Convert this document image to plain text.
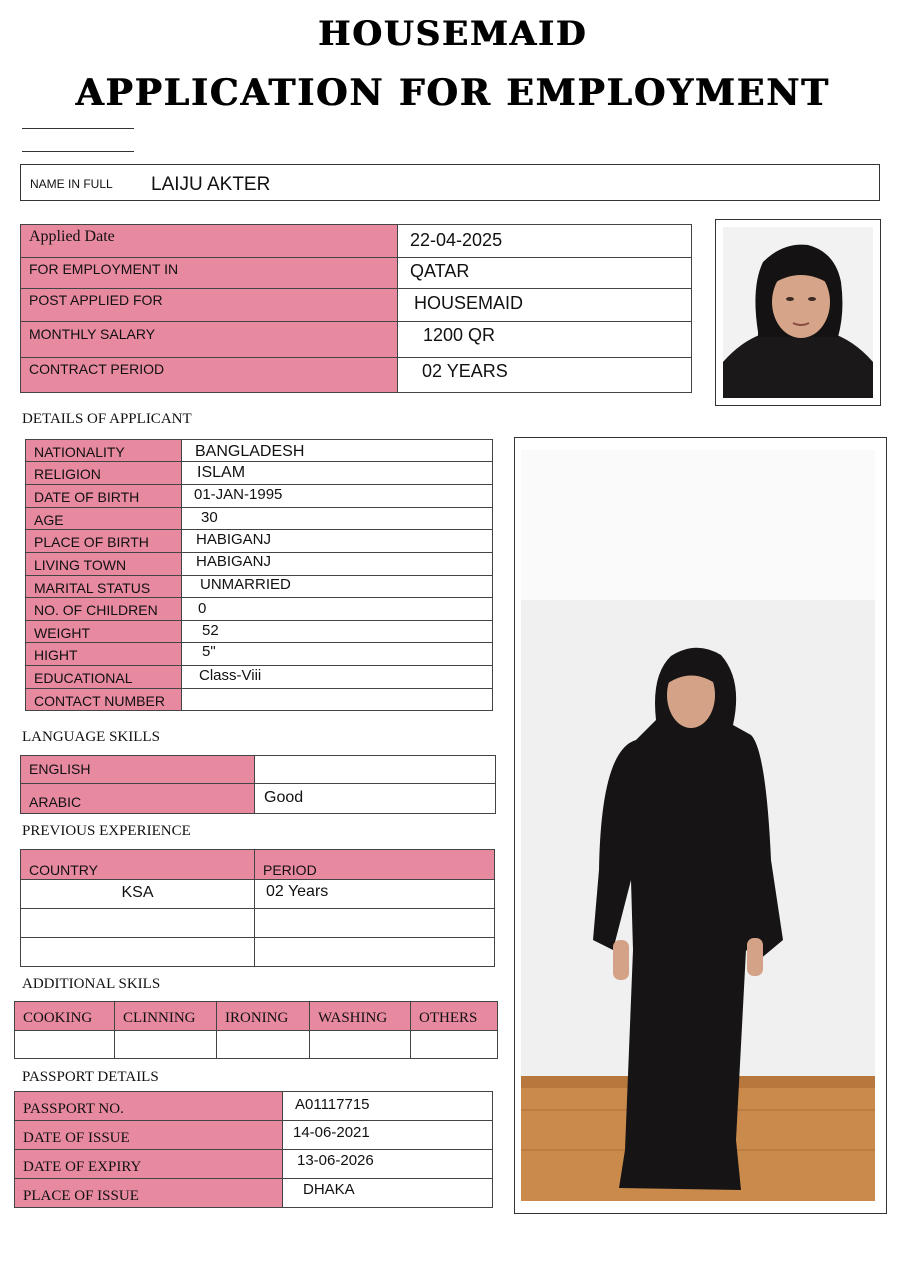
HOUSEMAID
APPLICATION FOR EMPLOYMENT
NAME IN FULL LAIJU AKTER
Applied Date	22-04-2025
FOR EMPLOYMENT IN	QATAR
POST APPLIED FOR	HOUSEMAID
MONTHLY SALARY	1200 QR
CONTRACT PERIOD	02 YEARS
DETAILS OF APPLICANT
NATIONALITY	BANGLADESH
RELIGION	ISLAM
DATE OF BIRTH	01-JAN-1995
AGE	30
PLACE OF BIRTH	HABIGANJ
LIVING TOWN	HABIGANJ
MARITAL STATUS	UNMARRIED
NO. OF CHILDREN	0
WEIGHT	52
HIGHT	5"
EDUCATIONAL	Class-Viii
CONTACT NUMBER	
LANGUAGE SKILLS
ENGLISH	
ARABIC	Good
PREVIOUS EXPERIENCE
COUNTRY	PERIOD
KSA	02 Years

ADDITIONAL SKILS
COOKING	CLINNING	IRONING	WASHING	OTHERS

PASSPORT DETAILS
PASSPORT NO.	A01117715
DATE OF ISSUE	14-06-2021
DATE OF EXPIRY	13-06-2026
PLACE OF ISSUE	DHAKA
